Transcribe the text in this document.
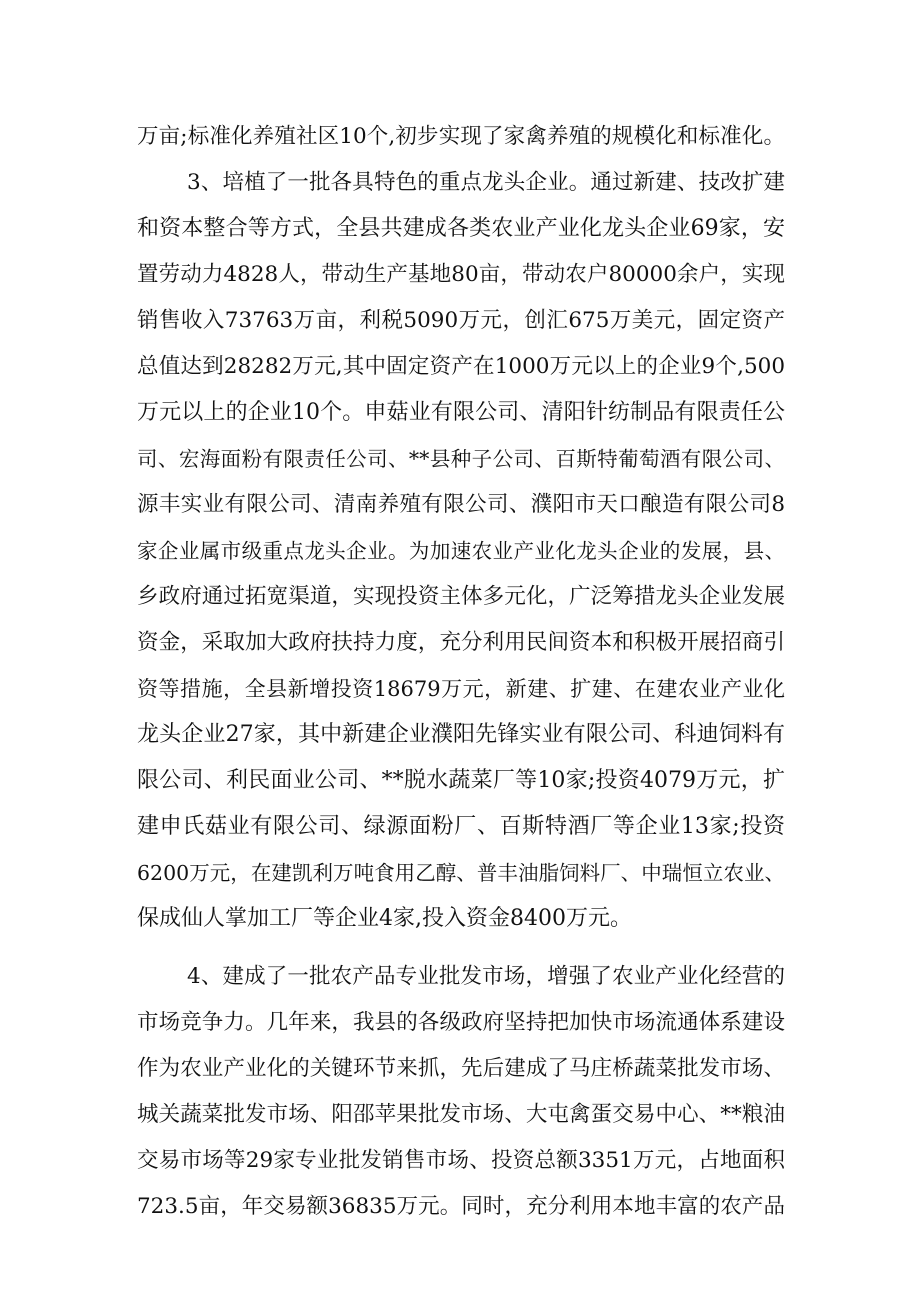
万亩;标准化养殖社区10个,初步实现了家禽养殖的规模化和标准化。
3、培植了一批各具特色的重点龙头企业。通过新建、技改扩建
和资本整合等方式，全县共建成各类农业产业化龙头企业69家，安
置劳动力4828人，带动生产基地80亩，带动农户80000余户，实现
销售收入73763万亩，利税5090万元，创汇675万美元，固定资产
总值达到28282万元,其中固定资产在1000万元以上的企业9个,500
万元以上的企业10个。申菇业有限公司、清阳针纺制品有限责任公
司、宏海面粉有限责任公司、**县种子公司、百斯特葡萄酒有限公司、
源丰实业有限公司、清南养殖有限公司、濮阳市天口酿造有限公司8
家企业属市级重点龙头企业。为加速农业产业化龙头企业的发展，县、
乡政府通过拓宽渠道，实现投资主体多元化，广泛筹措龙头企业发展
资金，采取加大政府扶持力度，充分利用民间资本和积极开展招商引
资等措施，全县新增投资18679万元，新建、扩建、在建农业产业化
龙头企业27家，其中新建企业濮阳先锋实业有限公司、科迪饲料有
限公司、利民面业公司、**脱水蔬菜厂等10家;投资4079万元，扩
建申氏菇业有限公司、绿源面粉厂、百斯特酒厂等企业13家;投资
6200万元，在建凯利万吨食用乙醇、普丰油脂饲料厂、中瑞恒立农业、
保成仙人掌加工厂等企业4家,投入资金8400万元。
4、建成了一批农产品专业批发市场，增强了农业产业化经营的
市场竞争力。几年来，我县的各级政府坚持把加快市场流通体系建设
作为农业产业化的关键环节来抓，先后建成了马庄桥蔬菜批发市场、
城关蔬菜批发市场、阳邵苹果批发市场、大屯禽蛋交易中心、**粮油
交易市场等29家专业批发销售市场、投资总额3351万元，占地面积
723.5亩，年交易额36835万元。同时，充分利用本地丰富的农产品
